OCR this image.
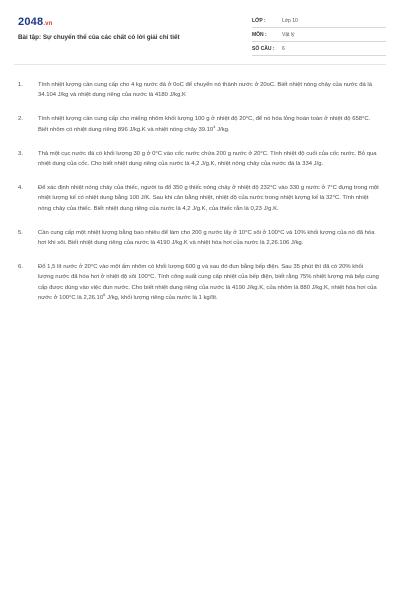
2048.vn
Bài tập: Sự chuyển thể của các chất có lời giải chi tiết
LỚP :	Lớp 10
MÔN :	Vật lý
SỐ CÂU :	6
1.	Tính nhiệt lượng cần cung cấp cho 4 kg nước đá ở 0oC để chuyển nó thành nước ở 20oC. Biết nhiệt nóng chảy của nước đá là 34.104 J/kg và nhiệt dung riêng của nước là 4180 J/kg.K
2.	Tính nhiệt lượng cần cung cấp cho miếng nhôm khối lượng 100 g ở nhiệt độ 20°C, để nó hóa lỏng hoàn toàn ở nhiệt độ 658°C. Biết nhôm có nhiệt dung riêng 896 J/kg.K và nhiệt nóng chảy 39.10$^4$ J/kg.
3.	Thả một cục nước đá có khối lượng 30 g ở 0°C vào cốc nước chứa 200 g nước ở 20°C. Tính nhiệt độ cuối của cốc nước. Bỏ qua nhiệt dung của cốc. Cho biết nhiệt dung riêng của nước là 4,2 J/g.K, nhiệt nóng chảy của nước đá là 334 J/g.
4.	Để xác định nhiệt nóng chảy của thiếc, người ta đổ 350 g thiếc nóng chảy ở nhiệt độ 232°C vào 330 g nước ở 7°C đựng trong một nhiệt lượng kế có nhiệt dung bằng 100 J/K. Sau khi cân bằng nhiệt, nhiệt độ của nước trong nhiệt lượng kế là 32°C. Tính nhiệt nóng chảy của thiếc. Biết nhiệt dung riêng của nước là 4,2 J/g.K, của thiếc rắn là 0,23 J/g.K.
5.	Cần cung cấp một nhiệt lượng bằng bao nhiêu để làm cho 200 g nước lấy ở 10°C sôi ở 100°C và 10% khối lượng của nó đã hóa hơi khi sôi. Biết nhiệt dung riêng của nước là 4190 J/kg.K và nhiệt hóa hơi của nước là 2,26.106 J/kg.
6.	Đổ 1,5 lít nước ở 20°C vào một ấm nhôm có khối lượng 600 g và sau đó đun bằng bếp điện. Sau 35 phút thì đã có 20% khối lượng nước đã hóa hơi ở nhiệt độ sôi 100°C. Tính công suất cung cấp nhiệt của bếp điện, biết rằng 75% nhiệt lượng mà bếp cung cấp được dùng vào việc đun nước. Cho biết nhiệt dung riêng của nước là 4190 J/kg.K, của nhôm là 880 J/kg.K, nhiệt hóa hơi của nước ở 100°C là 2,26.10$^6$ J/kg, khối lượng riêng của nước là 1 kg/lít.
